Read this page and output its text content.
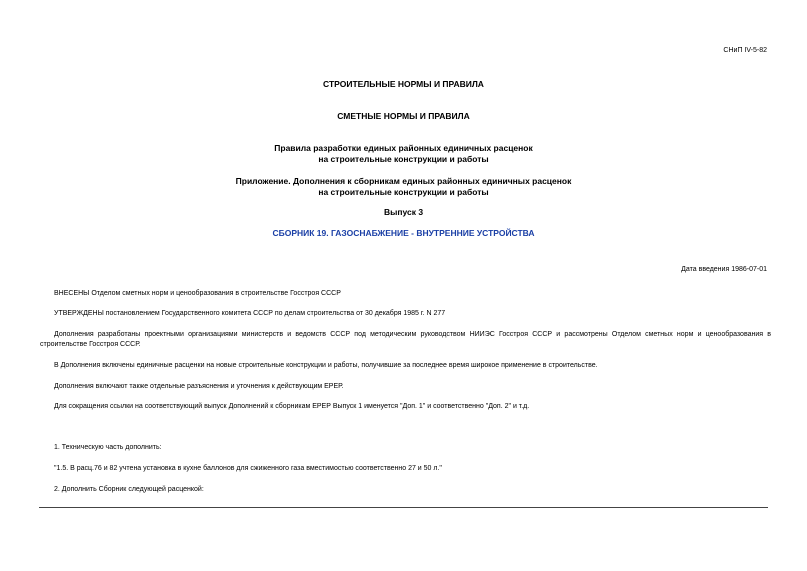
СНиП IV-5-82
СТРОИТЕЛЬНЫЕ НОРМЫ И ПРАВИЛА
СМЕТНЫЕ НОРМЫ И ПРАВИЛА
Правила разработки единых районных единичных расценок
на строительные конструкции и работы
Приложение. Дополнения к сборникам единых районных единичных расценок
на строительные конструкции и работы
Выпуск 3
СБОРНИК 19. ГАЗОСНАБЖЕНИЕ - ВНУТРЕННИЕ УСТРОЙСТВА
Дата введения 1986-07-01
ВНЕСЕНЫ Отделом сметных норм и ценообразования в строительстве Госстроя СССР
УТВЕРЖДЕНЫ постановлением Государственного комитета СССР по делам строительства от 30 декабря 1985 г. N 277
Дополнения разработаны проектными организациями министерств и ведомств СССР под методическим руководством НИИЭС Госстроя СССР и рассмотрены Отделом сметных норм и ценообразования в строительстве Госстроя СССР.
В Дополнения включены единичные расценки на новые строительные конструкции и работы, получившие за последнее время широкое применение в строительстве.
Дополнения включают также отдельные разъяснения и уточнения к действующим ЕРЕР.
Для сокращения ссылки на соответствующий выпуск Дополнений к сборникам ЕРЕР Выпуск 1 именуется "Доп. 1" и соответственно "Доп. 2" и т.д.
1. Техническую часть дополнить:
"1.5. В расц.76 и 82 учтена установка в кухне баллонов для сжиженного газа вместимостью соответственно 27 и 50 л."
2. Дополнить Сборник следующей расценкой:
